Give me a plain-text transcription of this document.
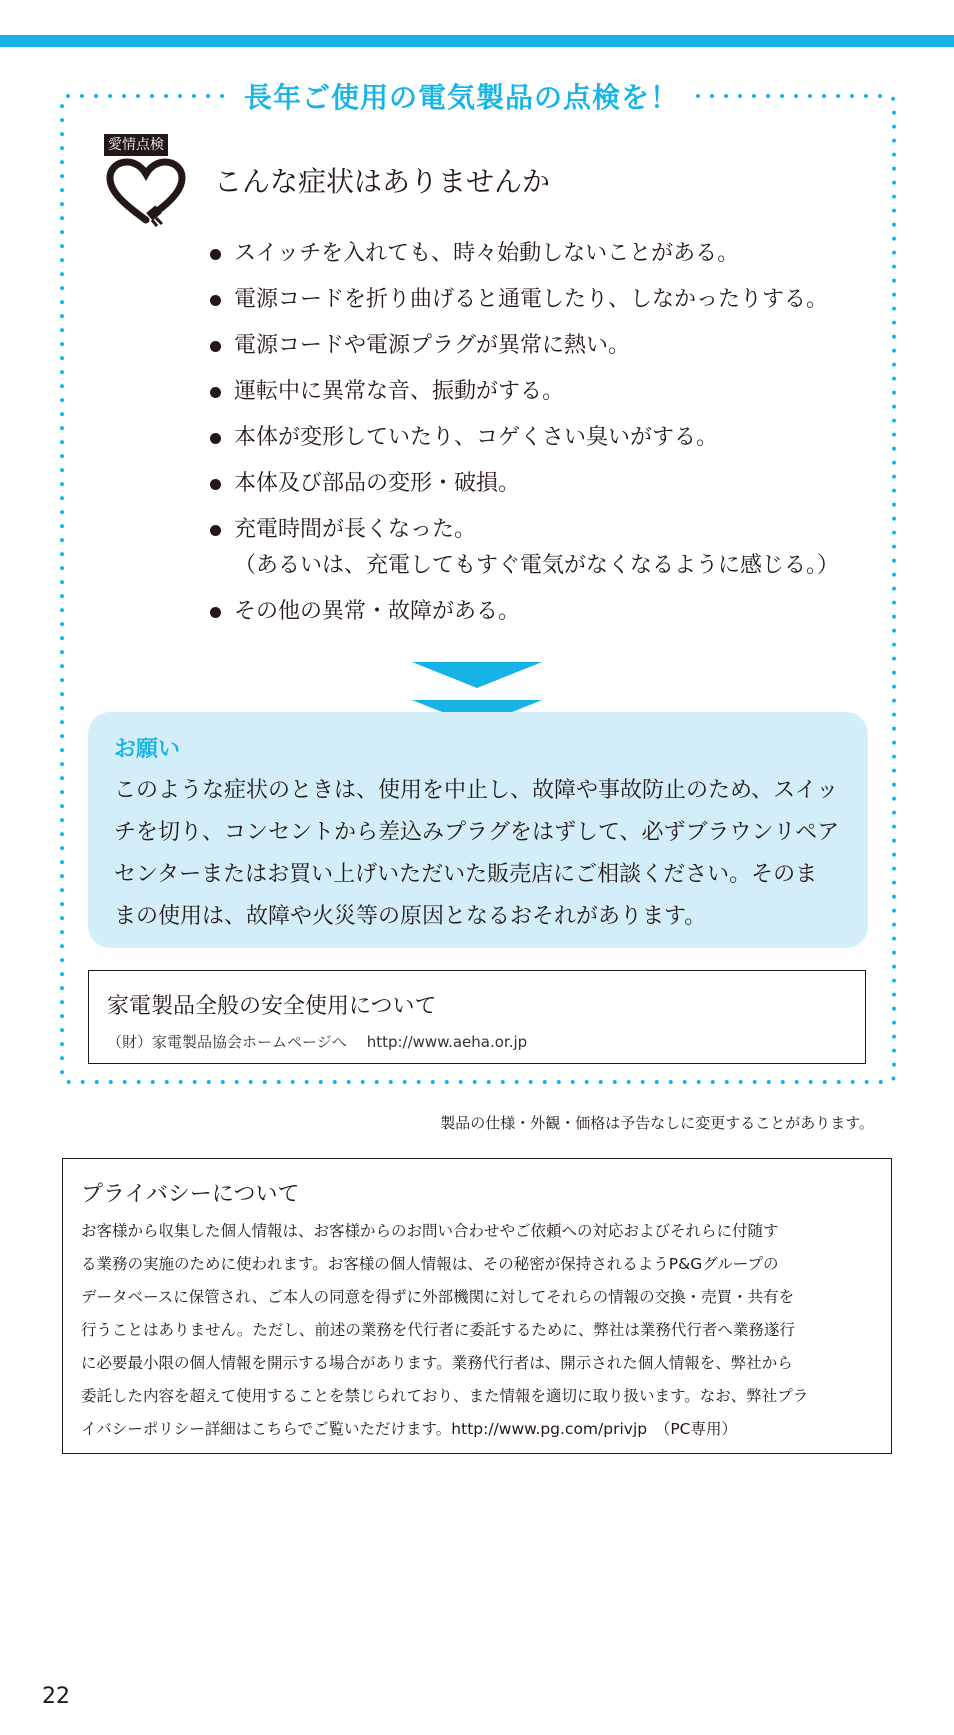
長年ご使用の電気製品の点検を！
愛情点検
こんな症状はありませんか
スイッチを入れても、時々始動しないことがある。
電源コードを折り曲げると通電したり、しなかったりする。
電源コードや電源プラグが異常に熱い。
運転中に異常な音、振動がする。
本体が変形していたり、コゲくさい臭いがする。
本体及び部品の変形・破損。
充電時間が長くなった。
（あるいは、充電してもすぐ電気がなくなるように感じる。）
その他の異常・故障がある。
お願い
このような症状のときは、使用を中止し、故障や事故防止のため、スイッ
チを切り、コンセントから差込みプラグをはずして、必ずブラウンリペア
センターまたはお買い上げいただいた販売店にご相談ください。そのま
まの使用は、故障や火災等の原因となるおそれがあります。
家電製品全般の安全使用について
（財）家電製品協会ホームページへ http://www.aeha.or.jp
製品の仕様・外観・価格は予告なしに変更することがあります。
プライバシーについて
お客様から収集した個人情報は、お客様からのお問い合わせやご依頼への対応およびそれらに付随す
る業務の実施のために使われます。お客様の個人情報は、その秘密が保持されるようP&Gグループの
データベースに保管され、ご本人の同意を得ずに外部機関に対してそれらの情報の交換・売買・共有を
行うことはありません。ただし、前述の業務を代行者に委託するために、弊社は業務代行者へ業務遂行
に必要最小限の個人情報を開示する場合があります。業務代行者は、開示された個人情報を、弊社から
委託した内容を超えて使用することを禁じられており、また情報を適切に取り扱います。なお、弊社プラ
イバシーポリシー詳細はこちらでご覧いただけます。http://www.pg.com/privjp　（PC専用）
22
